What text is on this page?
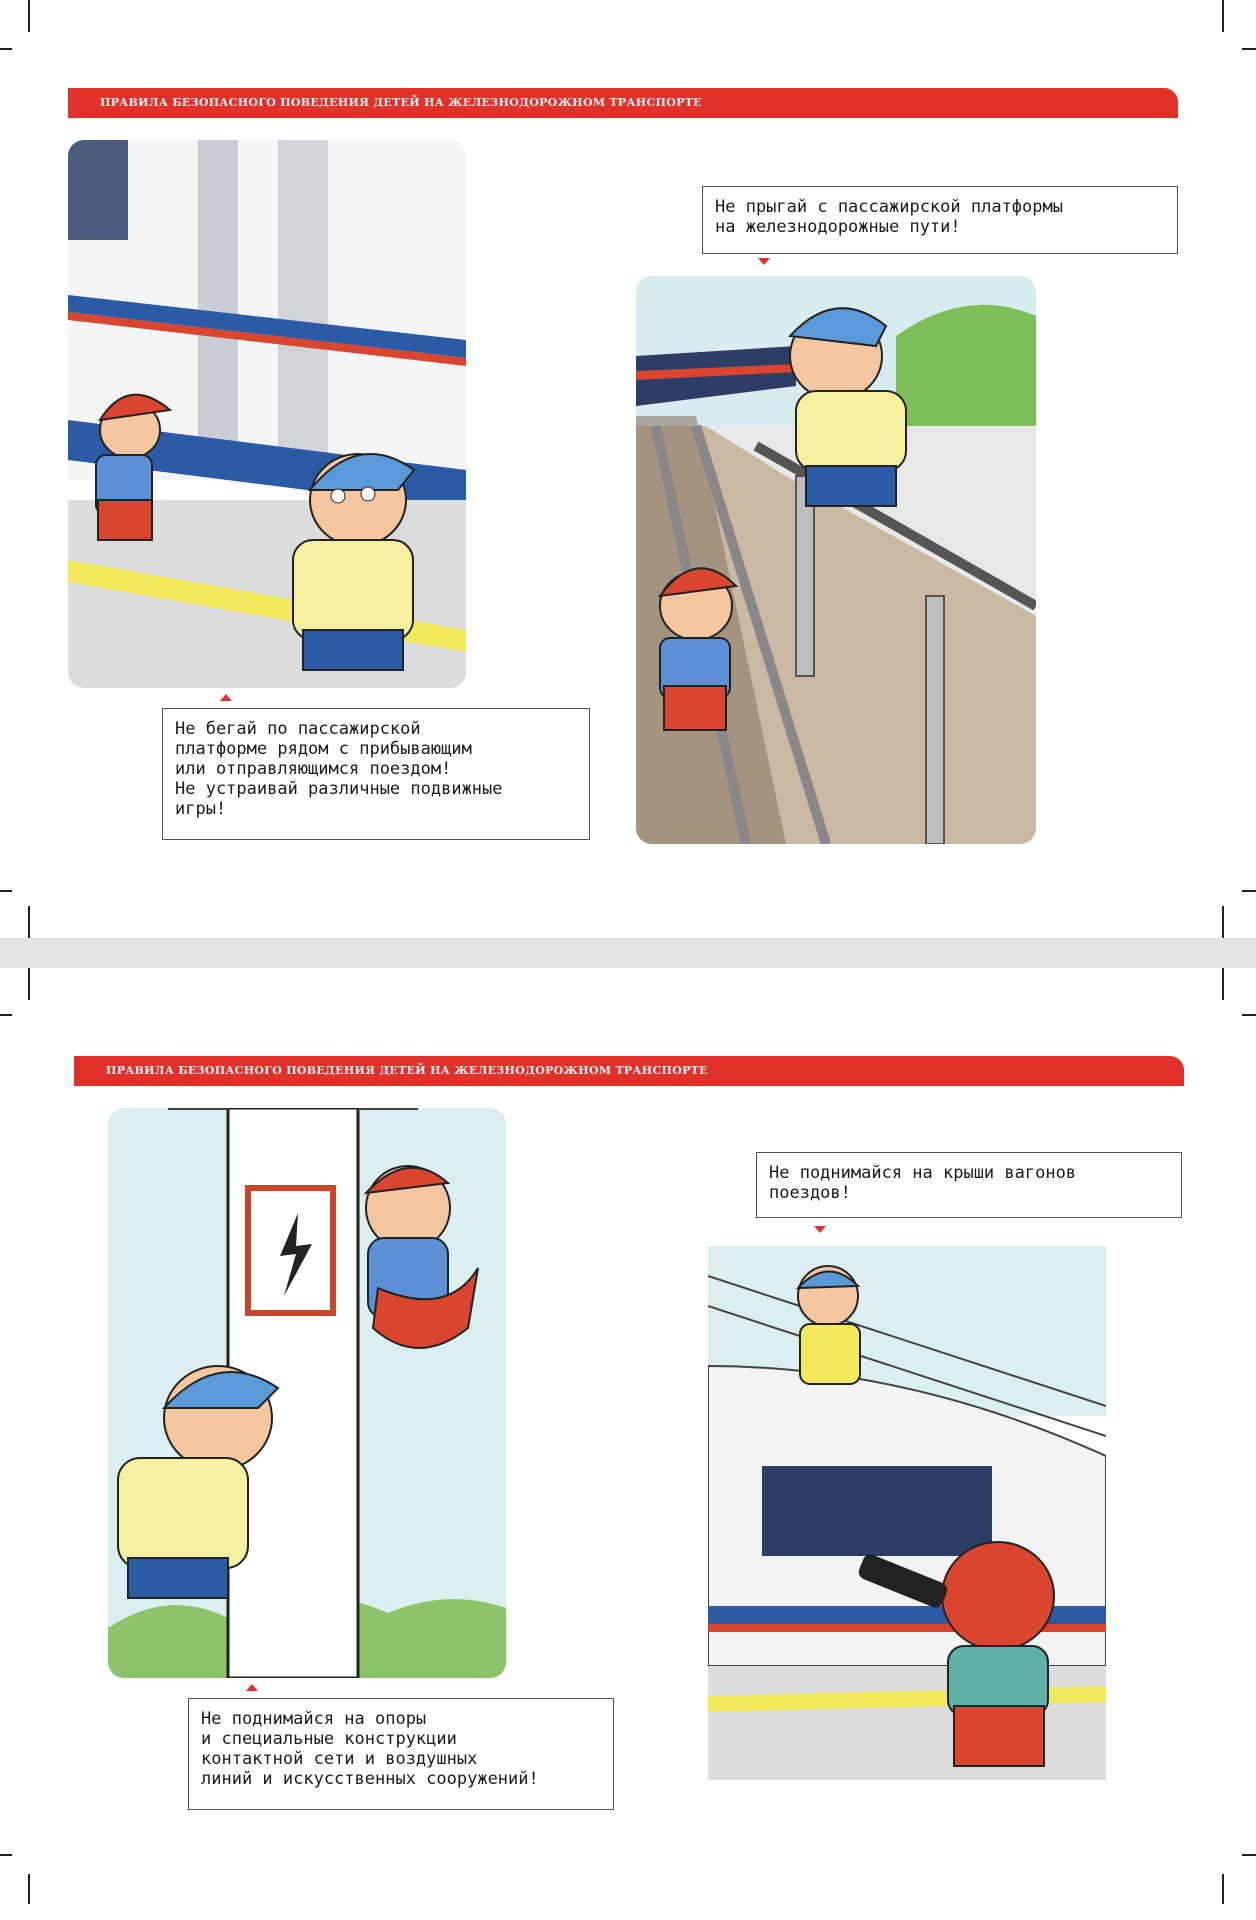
ПРАВИЛА БЕЗОПАСНОГО ПОВЕДЕНИЯ ДЕТЕЙ НА ЖЕЛЕЗНОДОРОЖНОМ ТРАНСПОРТЕ
Не бегай по пассажирской
платформе рядом с прибывающим
или отправляющимся поездом!
Не устраивай различные подвижные
игры!
Не прыгай с пассажирской платформы
на железнодорожные пути!
ПРАВИЛА БЕЗОПАСНОГО ПОВЕДЕНИЯ ДЕТЕЙ НА ЖЕЛЕЗНОДОРОЖНОМ ТРАНСПОРТЕ
Не поднимайся на опоры
и специальные конструкции
контактной сети и воздушных
линий и искусственных сооружений!
Не поднимайся на крыши вагонов
поездов!
